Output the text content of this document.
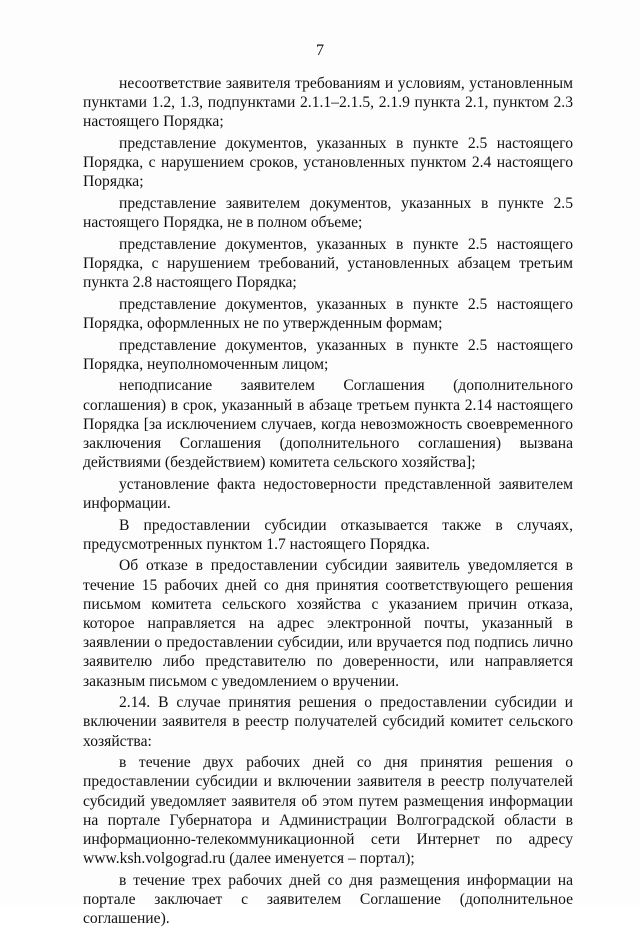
7

несоответствие заявителя требованиям и условиям, установленным пунктами 1.2, 1.3, подпунктами 2.1.1–2.1.5, 2.1.9 пункта 2.1, пунктом 2.3 настоящего Порядка;

представление документов, указанных в пункте 2.5 настоящего Порядка, с нарушением сроков, установленных пунктом 2.4 настоящего Порядка;

представление заявителем документов, указанных в пункте 2.5 настоящего Порядка, не в полном объеме;

представление документов, указанных в пункте 2.5 настоящего Порядка, с нарушением требований, установленных абзацем третьим пункта 2.8 настоящего Порядка;

представление документов, указанных в пункте 2.5 настоящего Порядка, оформленных не по утвержденным формам;

представление документов, указанных в пункте 2.5 настоящего Порядка, неуполномоченным лицом;

неподписание заявителем Соглашения (дополнительного соглашения) в срок, указанный в абзаце третьем пункта 2.14 настоящего Порядка [за исключением случаев, когда невозможность своевременного заключения Соглашения (дополнительного соглашения) вызвана действиями (бездействием) комитета сельского хозяйства];

установление факта недостоверности представленной заявителем информации.

В предоставлении субсидии отказывается также в случаях, предусмотренных пунктом 1.7 настоящего Порядка.

Об отказе в предоставлении субсидии заявитель уведомляется в течение 15 рабочих дней со дня принятия соответствующего решения письмом комитета сельского хозяйства с указанием причин отказа, которое направляется на адрес электронной почты, указанный в заявлении о предоставлении субсидии, или вручается под подпись лично заявителю либо представителю по доверенности, или направляется заказным письмом с уведомлением о вручении.

2.14. В случае принятия решения о предоставлении субсидии и включении заявителя в реестр получателей субсидий комитет сельского хозяйства:

в течение двух рабочих дней со дня принятия решения о предоставлении субсидии и включении заявителя в реестр получателей субсидий уведомляет заявителя об этом путем размещения информации на портале Губернатора и Администрации Волгоградской области в информационно-телекоммуникационной сети Интернет по адресу www.ksh.volgograd.ru (далее именуется – портал);

в течение трех рабочих дней со дня размещения информации на портале заключает с заявителем Соглашение (дополнительное соглашение).
